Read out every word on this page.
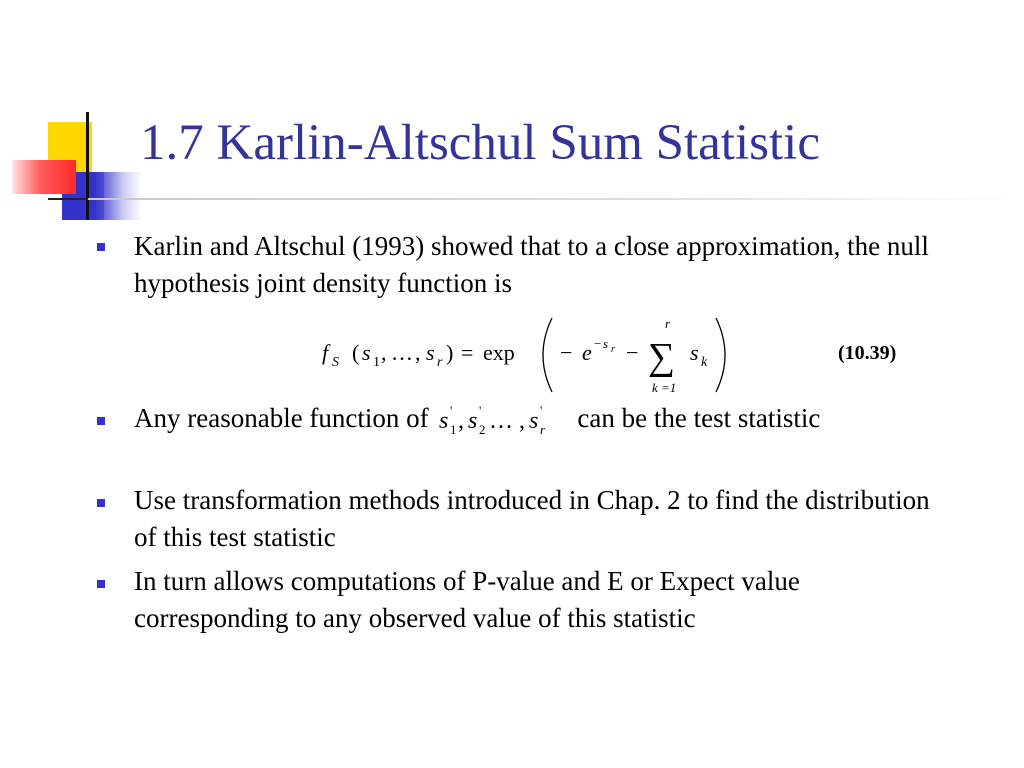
1.7 Karlin-Altschul Sum Statistic
Karlin and Altschul (1993) showed that to a close approximation, the null hypothesis joint density function is
f S ( s 1 , … , s r ) = exp − e − s r −
r
∑
k =1
s k	(10.39)
Any reasonable function of s '
1 , s '
2 … , s '
r can be the test statistic
Use transformation methods introduced in Chap. 2 to find the distribution of this test statistic
In turn allows computations of P-value and E or Expect value corresponding to any observed value of this statistic
